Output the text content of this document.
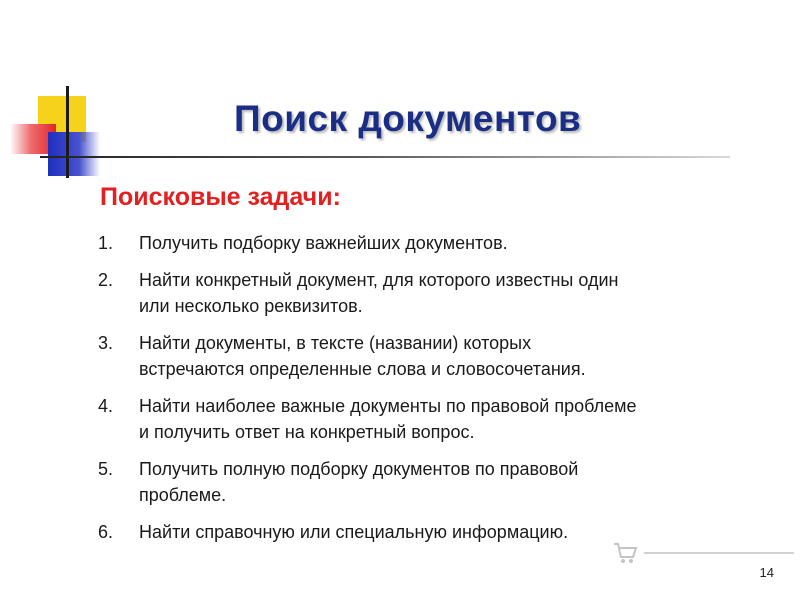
Поиск документов
Поисковые задачи:
1.	Получить подборку важнейших документов.
2.	Найти конкретный документ, для которого известны один
или несколько реквизитов.
3.	Найти документы, в тексте (названии) которых
встречаются определенные слова и словосочетания.
4.	Найти наиболее важные документы по правовой проблеме
и получить ответ на конкретный вопрос.
5.	Получить полную подборку документов по правовой
проблеме.
6.	Найти справочную или специальную информацию.
14
